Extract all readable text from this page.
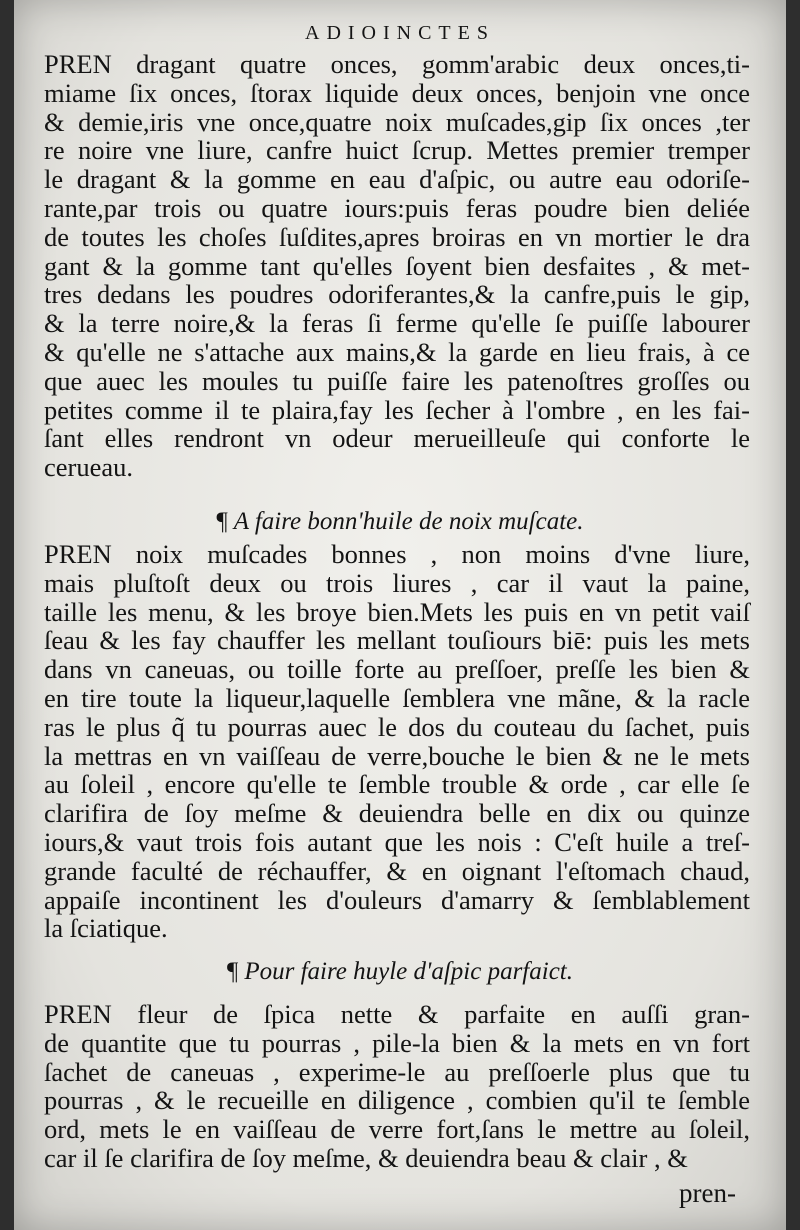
ADIOINCTES
PREN dragant quatre onces, gomm'arabic deux onces,ti-
miame ſix onces, ſtorax liquide deux onces, benjoin vne once
& demie,iris vne once,quatre noix muſcades,gip ſix onces ,ter
re noire vne liure, canfre huict ſcrup. Mettes premier tremper
le dragant & la gomme en eau d'aſpic, ou autre eau odoriſe-
rante,par trois ou quatre iours:puis feras poudre bien deliée
de toutes les choſes ſuſdites,apres broiras en vn mortier le dra
gant & la gomme tant qu'elles ſoyent bien desfaites , & met-
tres dedans les poudres odoriferantes,& la canfre,puis le gip,
& la terre noire,& la feras ſi ferme qu'elle ſe puiſſe labourer
& qu'elle ne s'attache aux mains,& la garde en lieu frais, à ce
que auec les moules tu puiſſe faire les patenoſtres groſſes ou
petites comme il te plaira,fay les ſecher à l'ombre , en les fai-
ſant elles rendront vn odeur merueilleuſe qui conforte le
cerueau.
¶ A faire bonn'huile de noix muſcate.
PREN noix muſcades bonnes , non moins d'vne liure,
mais pluſtoſt deux ou trois liures , car il vaut la paine,
taille les menu, & les broye bien.Mets les puis en vn petit vaiſ
ſeau & les fay chauffer les mellant touſiours biē: puis les mets
dans vn caneuas, ou toille forte au preſſoer, preſſe les bien &
en tire toute la liqueur,laquelle ſemblera vne mãne, & la racle
ras le plus q̃ tu pourras auec le dos du couteau du ſachet, puis
la mettras en vn vaiſſeau de verre,bouche le bien & ne le mets
au ſoleil , encore qu'elle te ſemble trouble & orde , car elle ſe
clarifira de ſoy meſme & deuiendra belle en dix ou quinze
iours,& vaut trois fois autant que les nois : C'eſt huile a treſ-
grande faculté de réchauffer, & en oignant l'eſtomach chaud,
appaiſe incontinent les d'ouleurs d'amarry & ſemblablement
la ſciatique.
¶ Pour faire huyle d'aſpic parfaict.
PREN fleur de ſpica nette & parfaite en auſſi gran-
de quantite que tu pourras , pile-la bien & la mets en vn fort
ſachet de caneuas , experime-le au preſſoerle plus que tu
pourras , & le recueille en diligence , combien qu'il te ſemble
ord, mets le en vaiſſeau de verre fort,ſans le mettre au ſoleil,
car il ſe clarifira de ſoy meſme, & deuiendra beau & clair , &
pren-
